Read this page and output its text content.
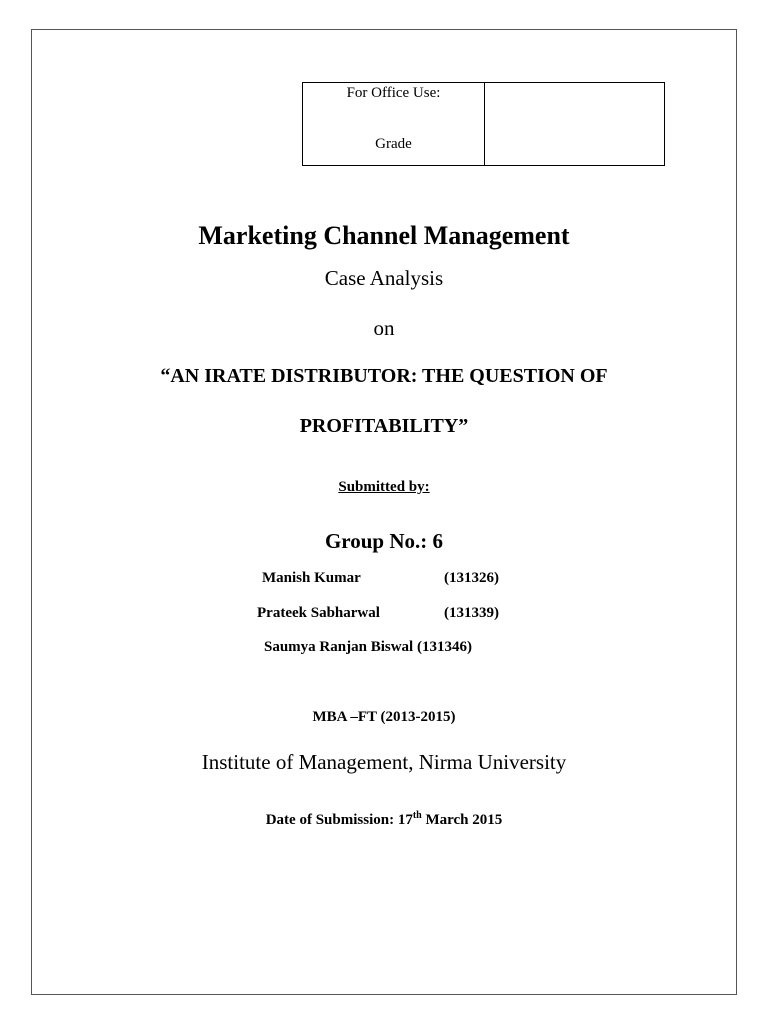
For Office Use:
Grade
Marketing Channel Management
Case Analysis
on
“AN IRATE DISTRIBUTOR: THE QUESTION OF
PROFITABILITY”
Submitted by:
Group No.: 6
Manish Kumar	(131326)
Prateek Sabharwal	(131339)
Saumya Ranjan Biswal (131346)
MBA –FT (2013-2015)
Institute of Management, Nirma University
Date of Submission: 17th March 2015
